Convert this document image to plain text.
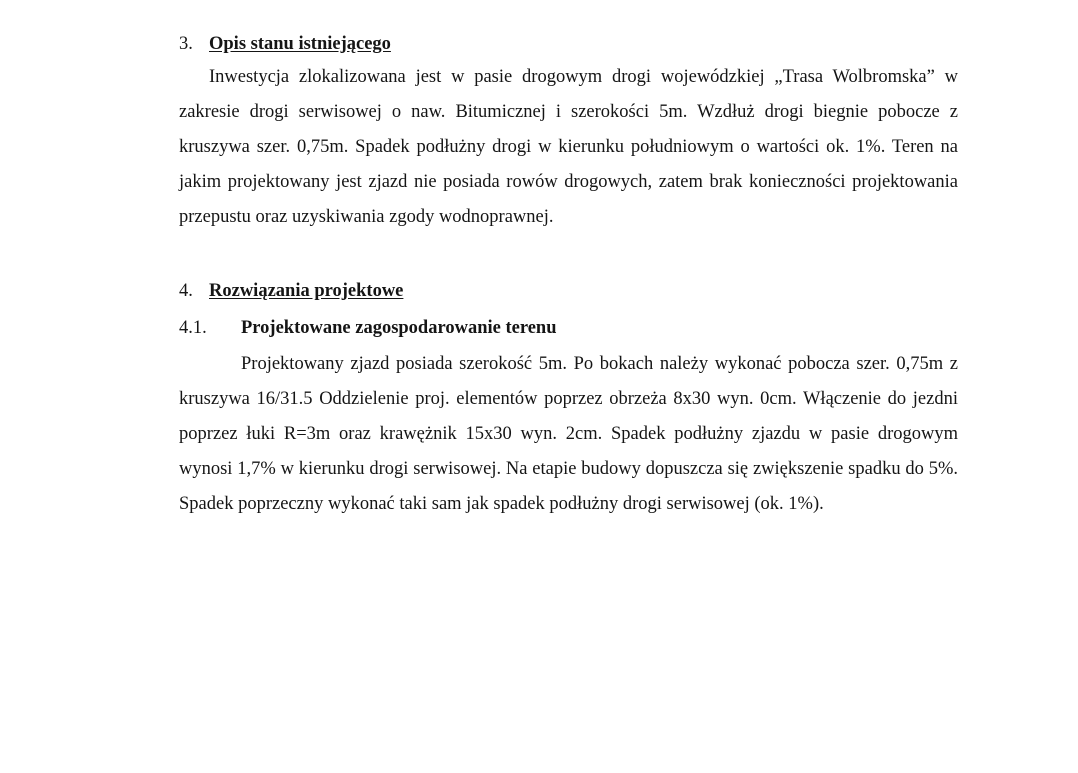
3. Opis stanu istniejącego

Inwestycja zlokalizowana jest w pasie drogowym drogi wojewódzkiej „Trasa Wolbromska” w zakresie drogi serwisowej o naw. Bitumicznej i szerokości 5m. Wzdłuż drogi biegnie pobocze z kruszywa szer. 0,75m. Spadek podłużny drogi w kierunku południowym o wartości ok. 1%. Teren na jakim projektowany jest zjazd nie posiada rowów drogowych, zatem brak konieczności projektowania przepustu oraz uzyskiwania zgody wodnoprawnej.

4. Rozwiązania projektowe
4.1. Projektowane zagospodarowanie terenu

Projektowany zjazd posiada szerokość 5m. Po bokach należy wykonać pobocza szer. 0,75m z kruszywa 16/31.5 Oddzielenie proj. elementów poprzez obrzeża 8x30 wyn. 0cm. Włączenie do jezdni poprzez łuki R=3m oraz krawężnik 15x30 wyn. 2cm. Spadek podłużny zjazdu w pasie drogowym wynosi 1,7% w kierunku drogi serwisowej. Na etapie budowy dopuszcza się zwiększenie spadku do 5%. Spadek poprzeczny wykonać taki sam jak spadek podłużny drogi serwisowej (ok. 1%).
